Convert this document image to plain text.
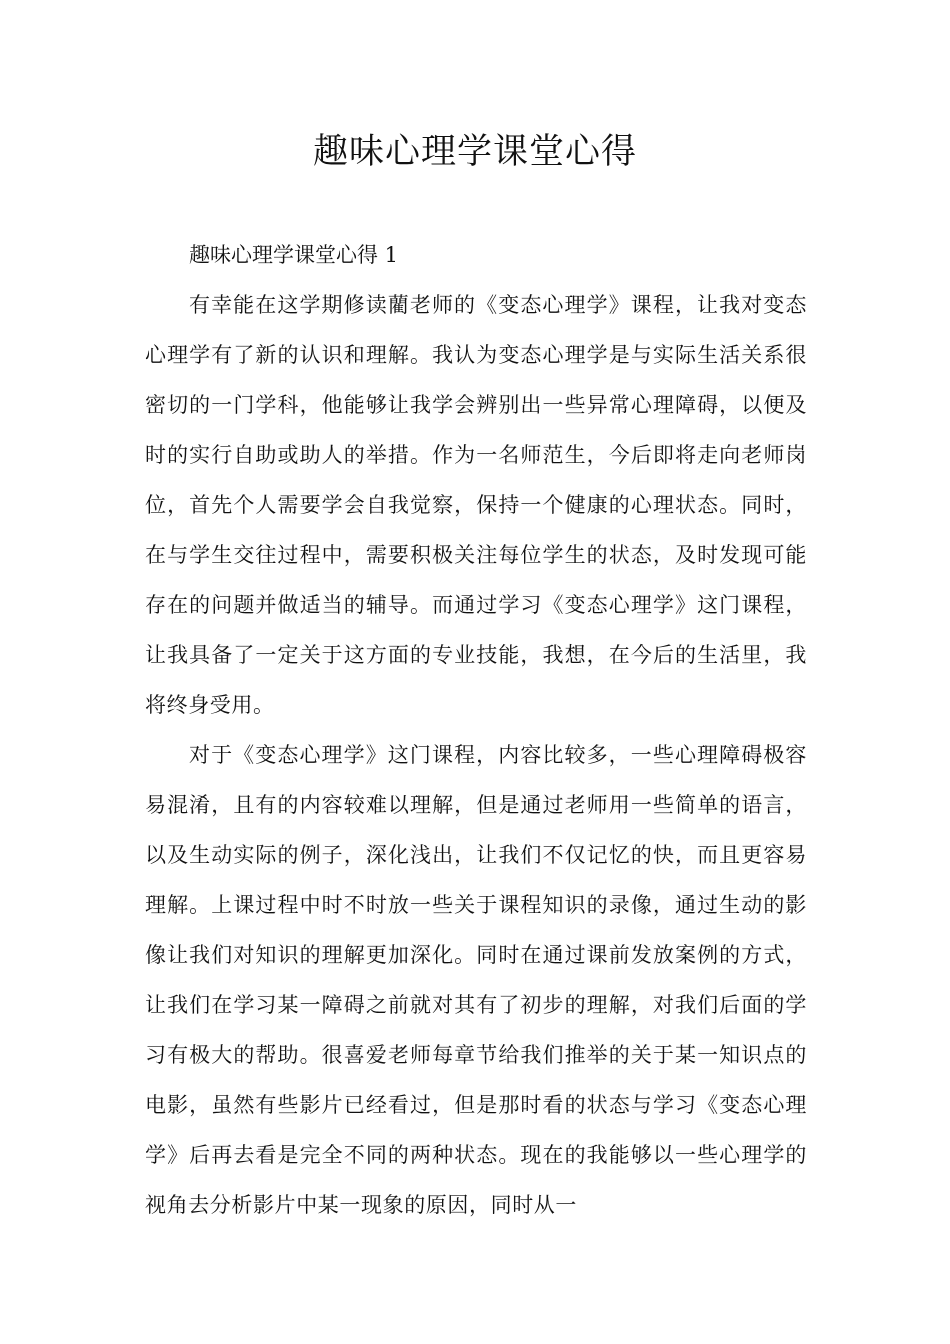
趣味心理学课堂心得

趣味心理学课堂心得 1

有幸能在这学期修读藺老师的《变态心理学》课程，让我对变态心理学有了新的认识和理解。我认为变态心理学是与实际生活关系很密切的一门学科，他能够让我学会辨别出一些异常心理障碍，以便及时的实行自助或助人的举措。作为一名师范生，今后即将走向老师岗位，首先个人需要学会自我觉察，保持一个健康的心理状态。同时，在与学生交往过程中，需要积极关注每位学生的状态，及时发现可能存在的问题并做适当的辅导。而通过学习《变态心理学》这门课程，让我具备了一定关于这方面的专业技能，我想，在今后的生活里，我将终身受用。

对于《变态心理学》这门课程，内容比较多，一些心理障碍极容易混淆，且有的内容较难以理解，但是通过老师用一些简单的语言，以及生动实际的例子，深化浅出，让我们不仅记忆的快，而且更容易理解。上课过程中时不时放一些关于课程知识的录像，通过生动的影像让我们对知识的理解更加深化。同时在通过课前发放案例的方式，让我们在学习某一障碍之前就对其有了初步的理解，对我们后面的学习有极大的帮助。很喜爱老师每章节给我们推举的关于某一知识点的电影，虽然有些影片已经看过，但是那时看的状态与学习《变态心理学》后再去看是完全不同的两种状态。现在的我能够以一些心理学的视角去分析影片中某一现象的原因，同时从一
